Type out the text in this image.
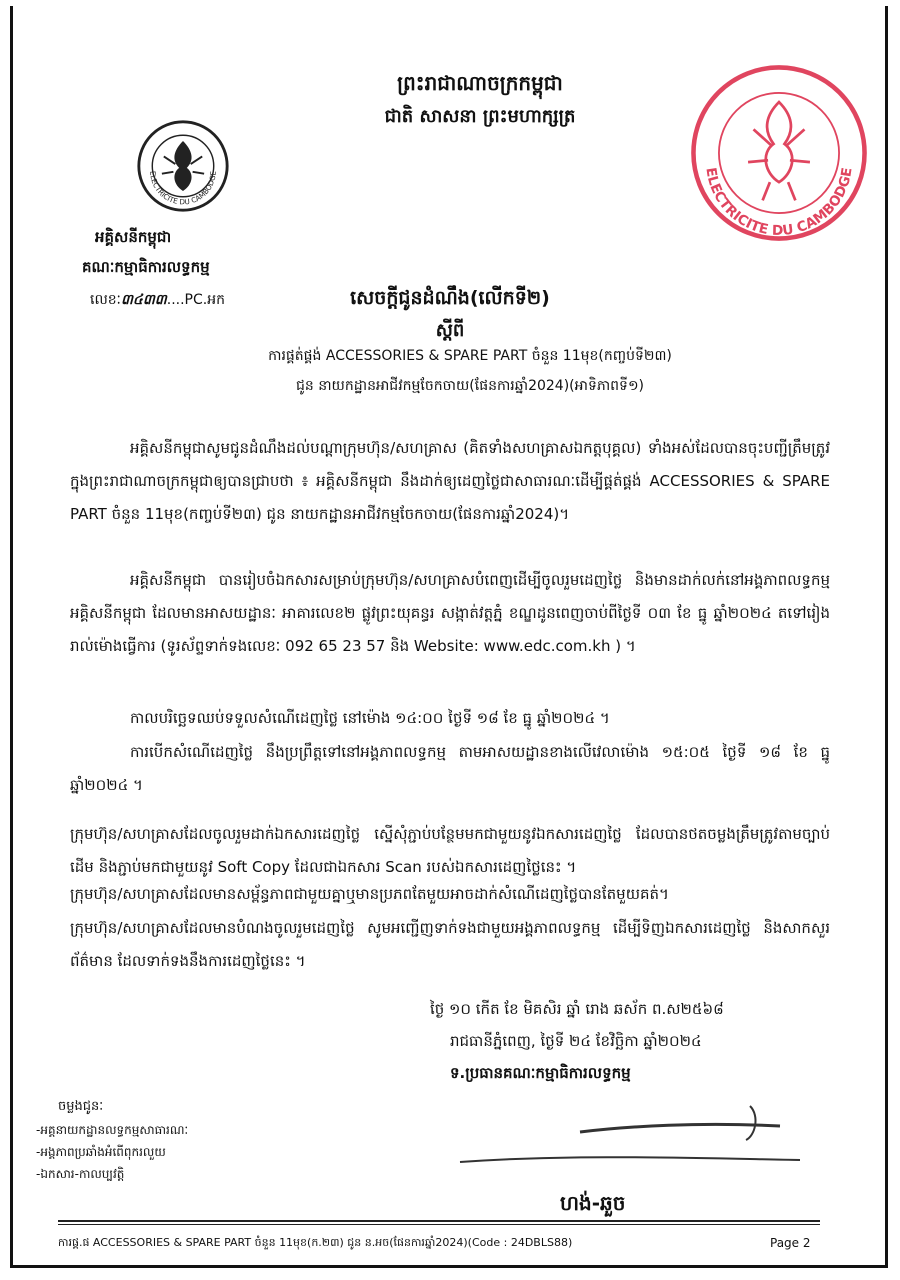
ព្រះរាជាណាចក្រកម្ពុជា
ជាតិ សាសនា ព្រះមហាក្សត្រ
ELECTRICITE DU CAMBODGE	ELECTRICITE DU CAMBODGE
អគ្គិសនីកម្ពុជា
គណៈកម្មាធិការលទ្ធកម្ម
លេខៈ៣៤៣៣....PC.អក	សេចក្តីជូនដំណឹង(លើកទី២)
ស្តីពី
ការផ្គត់ផ្គង់ ACCESSORIES & SPARE PART ចំនួន 11មុខ(កញ្ចប់ទី២៣)
ជូន នាយកដ្ឋានអាជីវកម្មចែកចាយ(ផែនការឆ្នាំ2024)(អាទិភាពទី១)
អគ្គិសនីកម្ពុជាសូមជូនដំណឹងដល់បណ្ដាក្រុមហ៊ុន/សហគ្រាស (គិតទាំងសហគ្រាសឯកត្តបុគ្គល) ទាំងអស់ដែលបានចុះបញ្ជីត្រឹមត្រូវក្នុងព្រះរាជាណាចក្រកម្ពុជាឲ្យបានជ្រាបថា ៖ អគ្គិសនីកម្ពុជា នឹងដាក់ឲ្យដេញថ្លៃជាសាធារណៈដើម្បីផ្គត់ផ្គង់ ACCESSORIES & SPARE PART ចំនួន 11មុខ(កញ្ចប់ទី២៣) ជូន នាយកដ្ឋានអាជីវកម្មចែកចាយ(ផែនការឆ្នាំ2024)។
អគ្គិសនីកម្ពុជា បានរៀបចំឯកសារសម្រាប់ក្រុមហ៊ុន/សហគ្រាសបំពេញដើម្បីចូលរួមដេញថ្លៃ និងមានដាក់លក់នៅអង្គភាពលទ្ធកម្មអគ្គិសនីកម្ពុជា ដែលមានអាសយដ្ឋានៈ អាគារលេខ២ ផ្លូវព្រះយុគន្ធរ សង្កាត់វត្តភ្នំ ខណ្ឌដូនពេញចាប់ពីថ្ងៃទី ០៣ ខែ ធ្នូ ឆ្នាំ២០២៤ តទៅរៀងរាល់ម៉ោងធ្វើការ (ទូរស័ព្ទទាក់ទងលេខៈ 092 65 23 57 និង Website: www.edc.com.kh ) ។
កាលបរិច្ឆេទឈប់ទទួលសំណើដេញថ្លៃ នៅម៉ោង ១៤:០០ ថ្ងៃទី ១៨ ខែ ធ្នូ ឆ្នាំ២០២៤ ។
ការបើកសំណើដេញថ្លៃ នឹងប្រព្រឹត្តទៅនៅអង្គភាពលទ្ធកម្ម តាមអាសយដ្ឋានខាងលើវេលាម៉ោង ១៥:០៥ ថ្ងៃទី ១៨ ខែ ធ្នូ ឆ្នាំ២០២៤ ។
ក្រុមហ៊ុន/សហគ្រាសដែលចូលរួមដាក់ឯកសារដេញថ្លៃ ស្នើសុំភ្ជាប់បន្ថែមមកជាមួយនូវឯកសារដេញថ្លៃ ដែលបានថតចម្លងត្រឹមត្រូវតាមច្បាប់ដើម និងភ្ជាប់មកជាមួយនូវ Soft Copy ដែលជាឯកសារ Scan របស់ឯកសារដេញថ្លៃនេះ ។
ក្រុមហ៊ុន/សហគ្រាសដែលមានសម្ព័ន្ធភាពជាមួយគ្នាឬមានប្រភពតែមួយអាចដាក់សំណើដេញថ្លៃបានតែមួយគត់។
ក្រុមហ៊ុន/សហគ្រាសដែលមានបំណងចូលរួមដេញថ្លៃ សូមអញ្ជើញទាក់ទងជាមួយអង្គភាពលទ្ធកម្ម ដើម្បីទិញឯកសារដេញថ្លៃ និងសាកសួរព័ត៌មាន ដែលទាក់ទងនឹងការដេញថ្លៃនេះ ។
ថ្ងៃ ១០ កើត ខែ មិគសិរ ឆ្នាំ រោង ឆស័ក ព.ស២៥៦៨
រាជធានីភ្នំពេញ, ថ្ងៃទី ២៤ ខែវិច្ឆិកា ឆ្នាំ២០២៤
ទ.ប្រធានគណៈកម្មាធិការលទ្ធកម្ម
ហង់-ឆួច
ចម្លងជូនៈ
-អគ្គនាយកដ្ឋានលទ្ធកម្មសាធារណៈ
-អង្គភាពប្រឆាំងអំពើពុករលួយ
-ឯកសារ-កាលប្បវត្តិ
ការផ្គ.ផ ACCESSORIES & SPARE PART ចំនួន 11មុខ(ក.២៣) ជូន ន.អច(ផែនការឆ្នាំ2024)(Code : 24DBLS88)	Page 2
